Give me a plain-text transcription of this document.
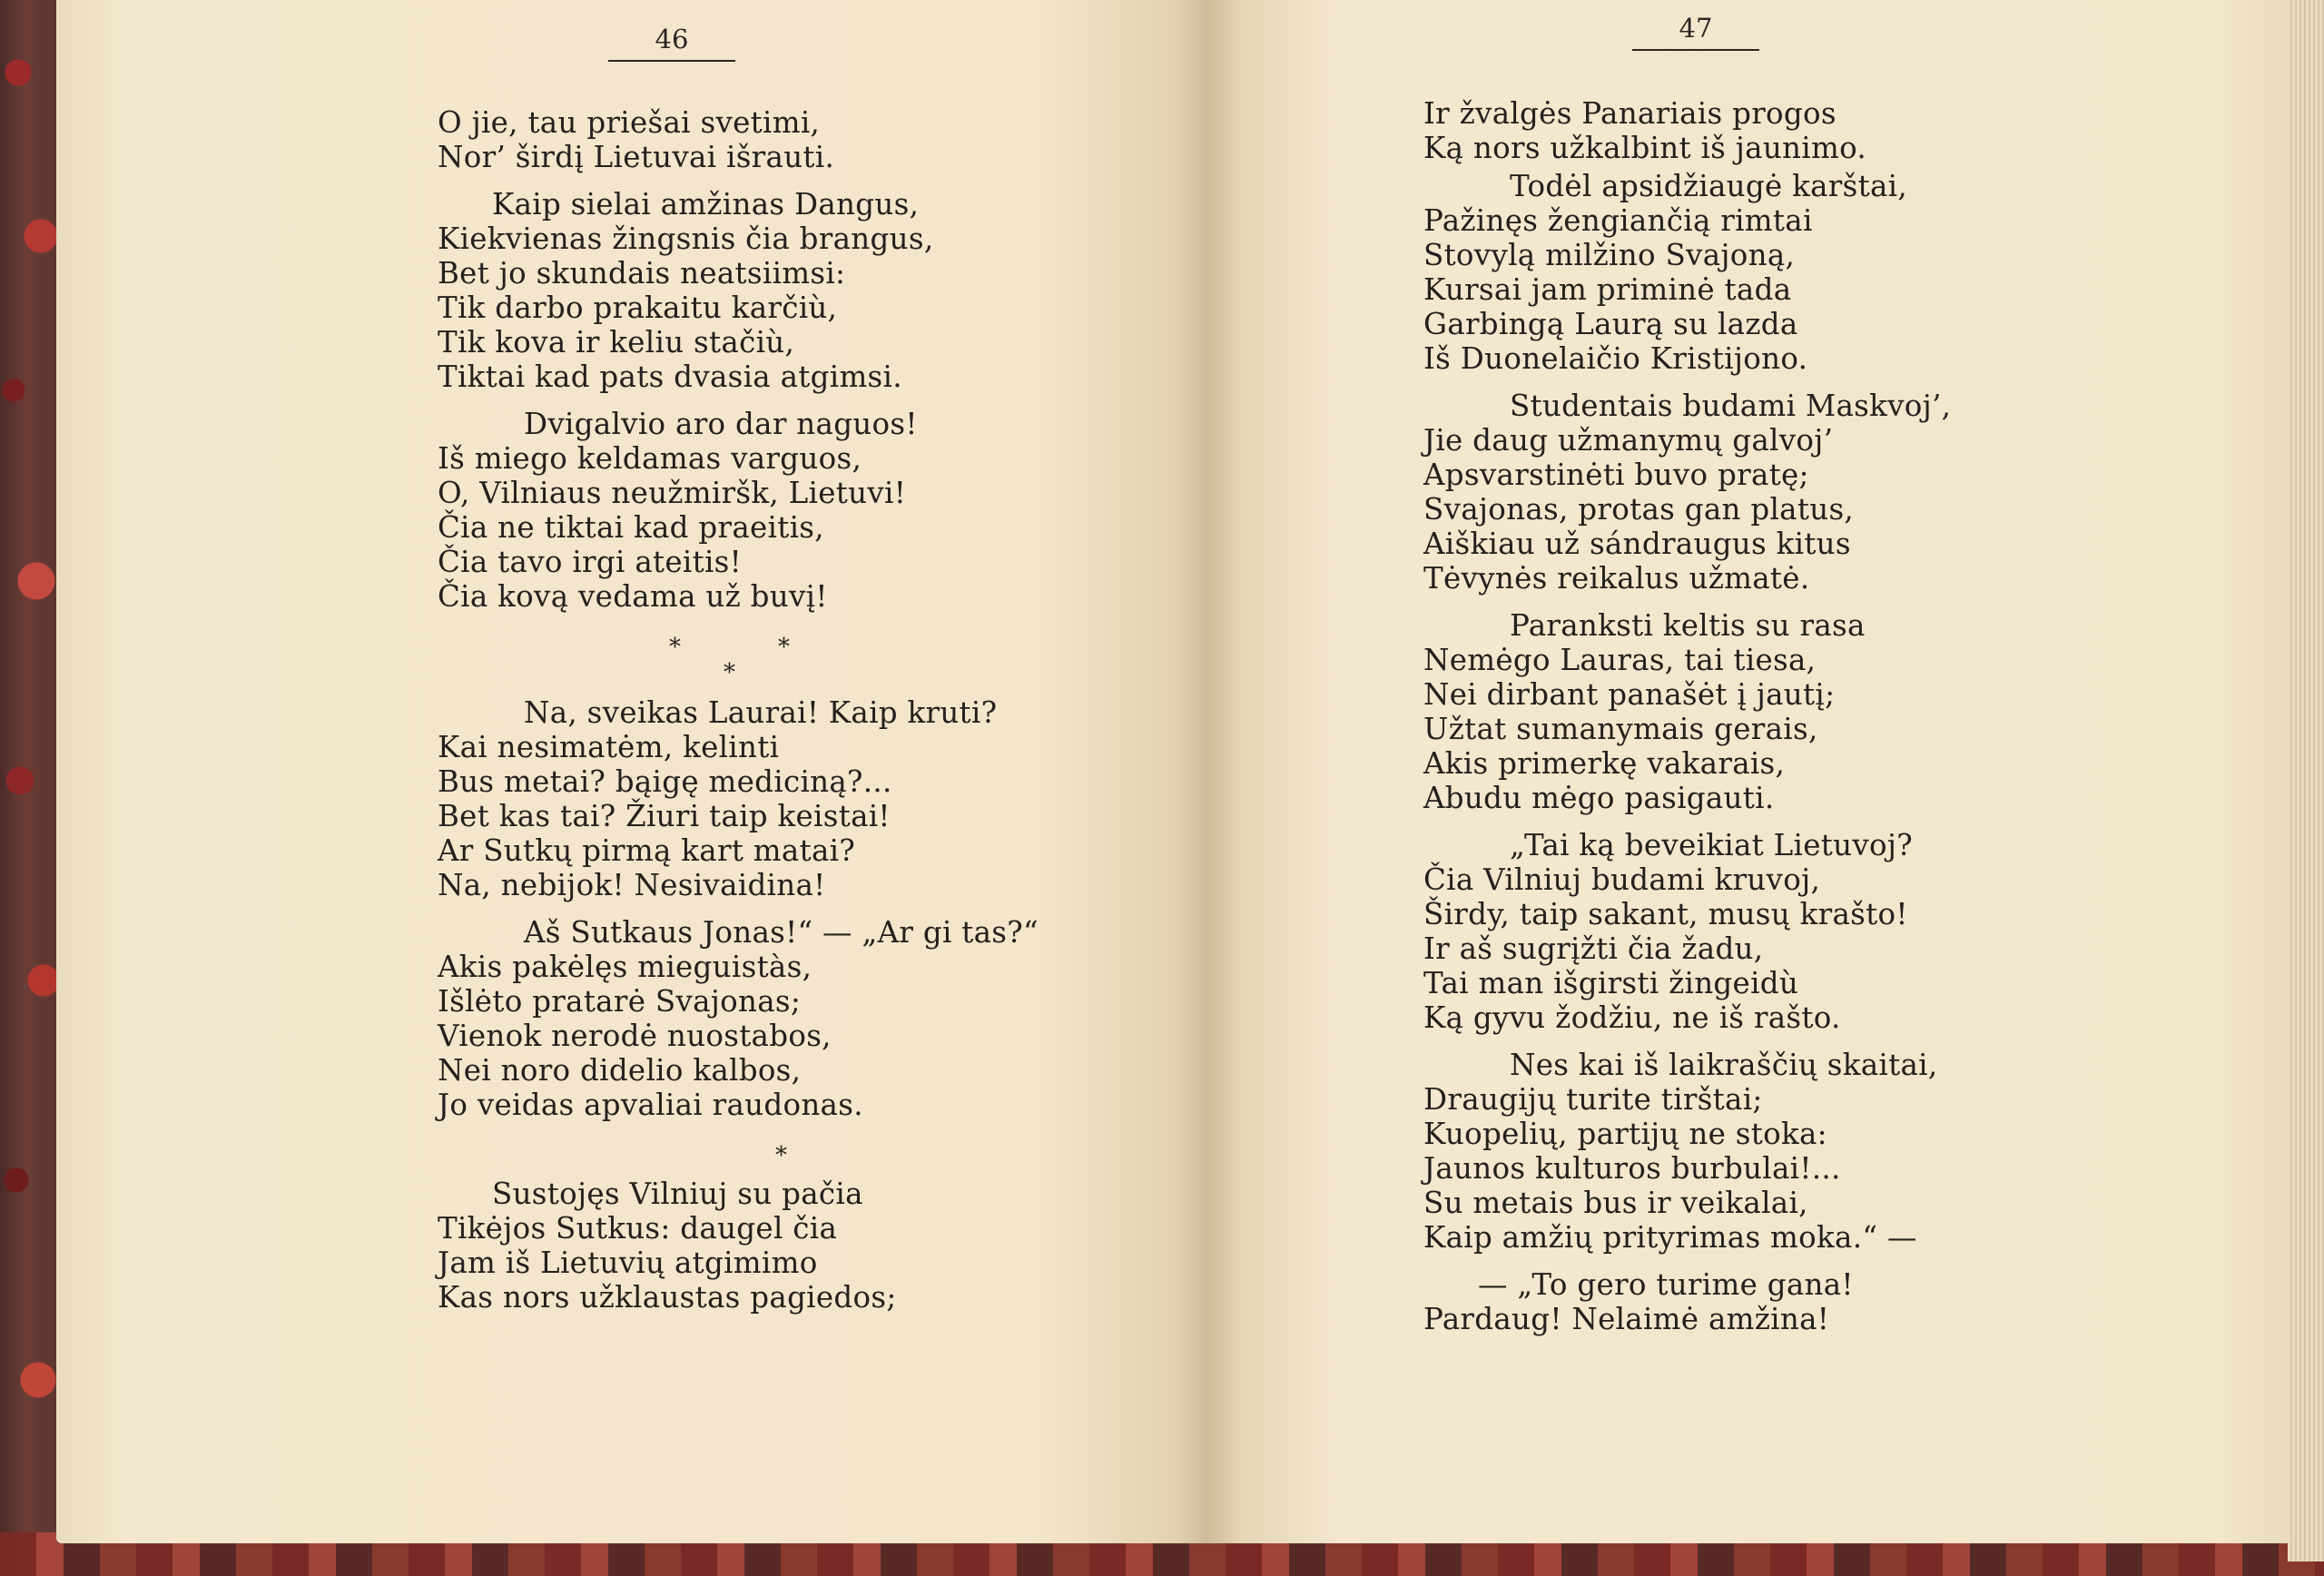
46	47
O jie, tau priešai svetimi,
Nor’ širdį Lietuvai išrauti.
Kaip sielai amžinas Dangus,
Kiekvienas žingsnis čia brangus,
Bet jo skundais neatsiimsi:
Tik darbo prakaitu karčiù,
Tik kova ir keliu stačiù,
Tiktai kad pats dvasia atgimsi.
Dvigalvio aro dar naguos!
Iš miego keldamas varguos,
O, Vilniaus neužmiršk, Lietuvi!
Čia ne tiktai kad praeitis,
Čia tavo irgi ateitis!
Čia kovą vedama už buvį!
*	*
*
Na, sveikas Laurai! Kaip kruti?
Kai nesimatėm, kelinti
Bus metai? bąigę mediciną?...
Bet kas tai? Žiuri taip keistai!
Ar Sutkų pirmą kart matai?
Na, nebijok! Nesivaidina!
Aš Sutkaus Jonas!“ — „Ar gi tas?“
Akis pakėlęs mieguistàs,
Išlėto pratarė Svajonas;
Vienok nerodė nuostabos,
Nei noro didelio kalbos,
Jo veidas apvaliai raudonas.
*
Sustojęs Vilniuj su pačia
Tikėjos Sutkus: daugel čia
Jam iš Lietuvių atgimimo
Kas nors užklaustas pagiedos;
Ir žvalgės Panariais progos
Ką nors užkalbint iš jaunimo.
Todėl apsidžiaugė karštai,
Pažinęs žengiančią rimtai
Stovylą milžino Svajoną,
Kursai jam priminė tada
Garbingą Laurą su lazda
Iš Duonelaičio Kristijono.
Studentais budami Maskvoj’,
Jie daug užmanymų galvoj’
Apsvarstinėti buvo pratę;
Svajonas, protas gan platus,
Aiškiau už sándraugus kitus
Tėvynės reikalus užmatė.
Paranksti keltis su rasa
Nemėgo Lauras, tai tiesa,
Nei dirbant panašėt į jautį;
Užtat sumanymais gerais,
Akis primerkę vakarais,
Abudu mėgo pasigauti.
„Tai ką beveikiat Lietuvoj?
Čia Vilniuj budami kruvoj,
Širdy, taip sakant, musų krašto!
Ir aš sugrįžti čia žadu,
Tai man išgirsti žingeidù
Ką gyvu žodžiu, ne iš rašto.
Nes kai iš laikraščių skaitai,
Draugijų turite tirštai;
Kuopelių, partijų ne stoka:
Jaunos kulturos burbulai!...
Su metais bus ir veikalai,
Kaip amžių prityrimas moka.“ —
— „To gero turime gana!
Pardaug! Nelaimė amžina!
